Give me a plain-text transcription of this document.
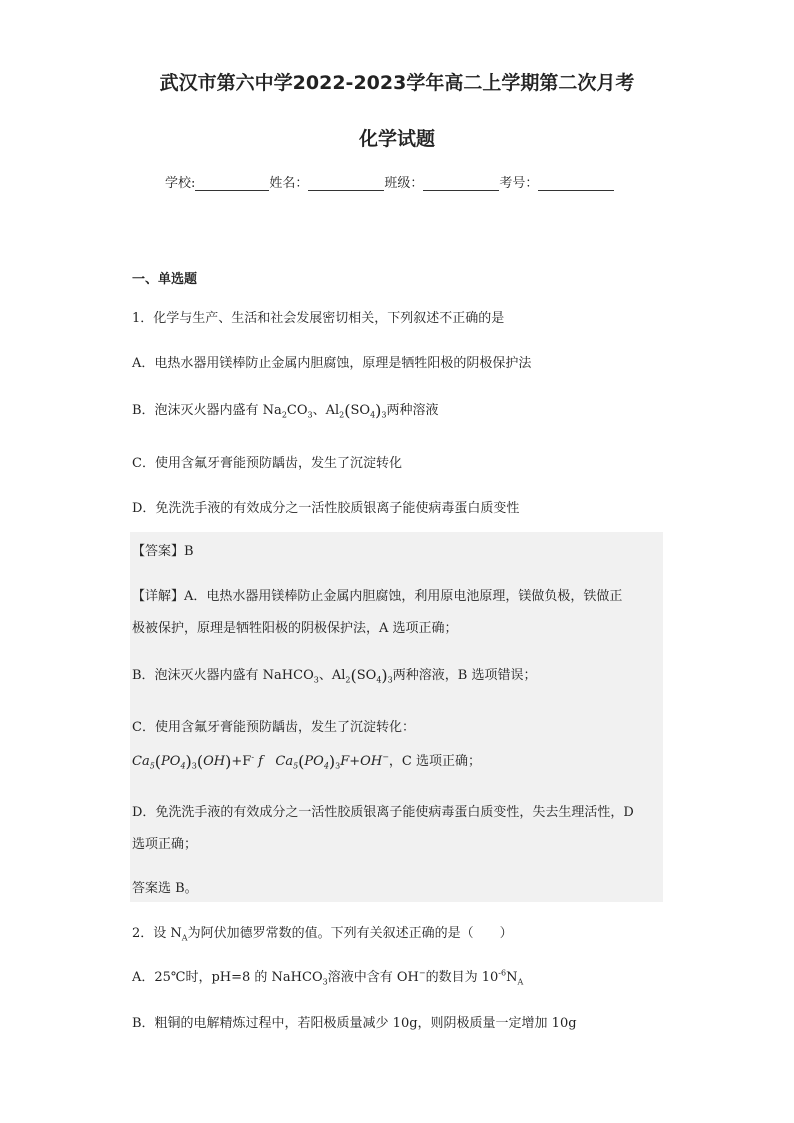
武汉市第六中学2022-2023学年高二上学期第二次月考
化学试题
学校:	姓名：	班级：	考号：
一、单选题
1．化学与生产、生活和社会发展密切相关，下列叙述不正确的是
A．电热水器用镁棒防止金属内胆腐蚀，原理是牺牲阳极的阴极保护法
B．泡沫灭火器内盛有 $Na_2CO_3$、$Al_2(SO_4)_3$两种溶液
C．使用含氟牙膏能预防龋齿，发生了沉淀转化
D．免洗洗手液的有效成分之一活性胶质银离子能使病毒蛋白质变性
【答案】B
【详解】A．电热水器用镁棒防止金属内胆腐蚀，利用原电池原理，镁做负极，铁做正
极被保护，原理是牺牲阳极的阴极保护法，A 选项正确；
B．泡沫灭火器内盛有 NaHCO$_3$、$Al_2(SO_4)_3$两种溶液，B 选项错误；
C．使用含氟牙膏能预防龋齿，发生了沉淀转化：
$Ca_5(PO_4)_3(OH)+F^-$ f $Ca_5(PO_4)_3F+OH^-$，C 选项正确；
D．免洗洗手液的有效成分之一活性胶质银离子能使病毒蛋白质变性，失去生理活性，D
选项正确；
答案选 B。
2．设 $N_A$为阿伏加德罗常数的值。下列有关叙述正确的是（　　）
A．25℃时，pH=8 的 NaHCO$_3$溶液中含有 OH−的数目为 $10^{-6}N_A$
B．粗铜的电解精炼过程中，若阳极质量减少 10g，则阴极质量一定增加 10g
